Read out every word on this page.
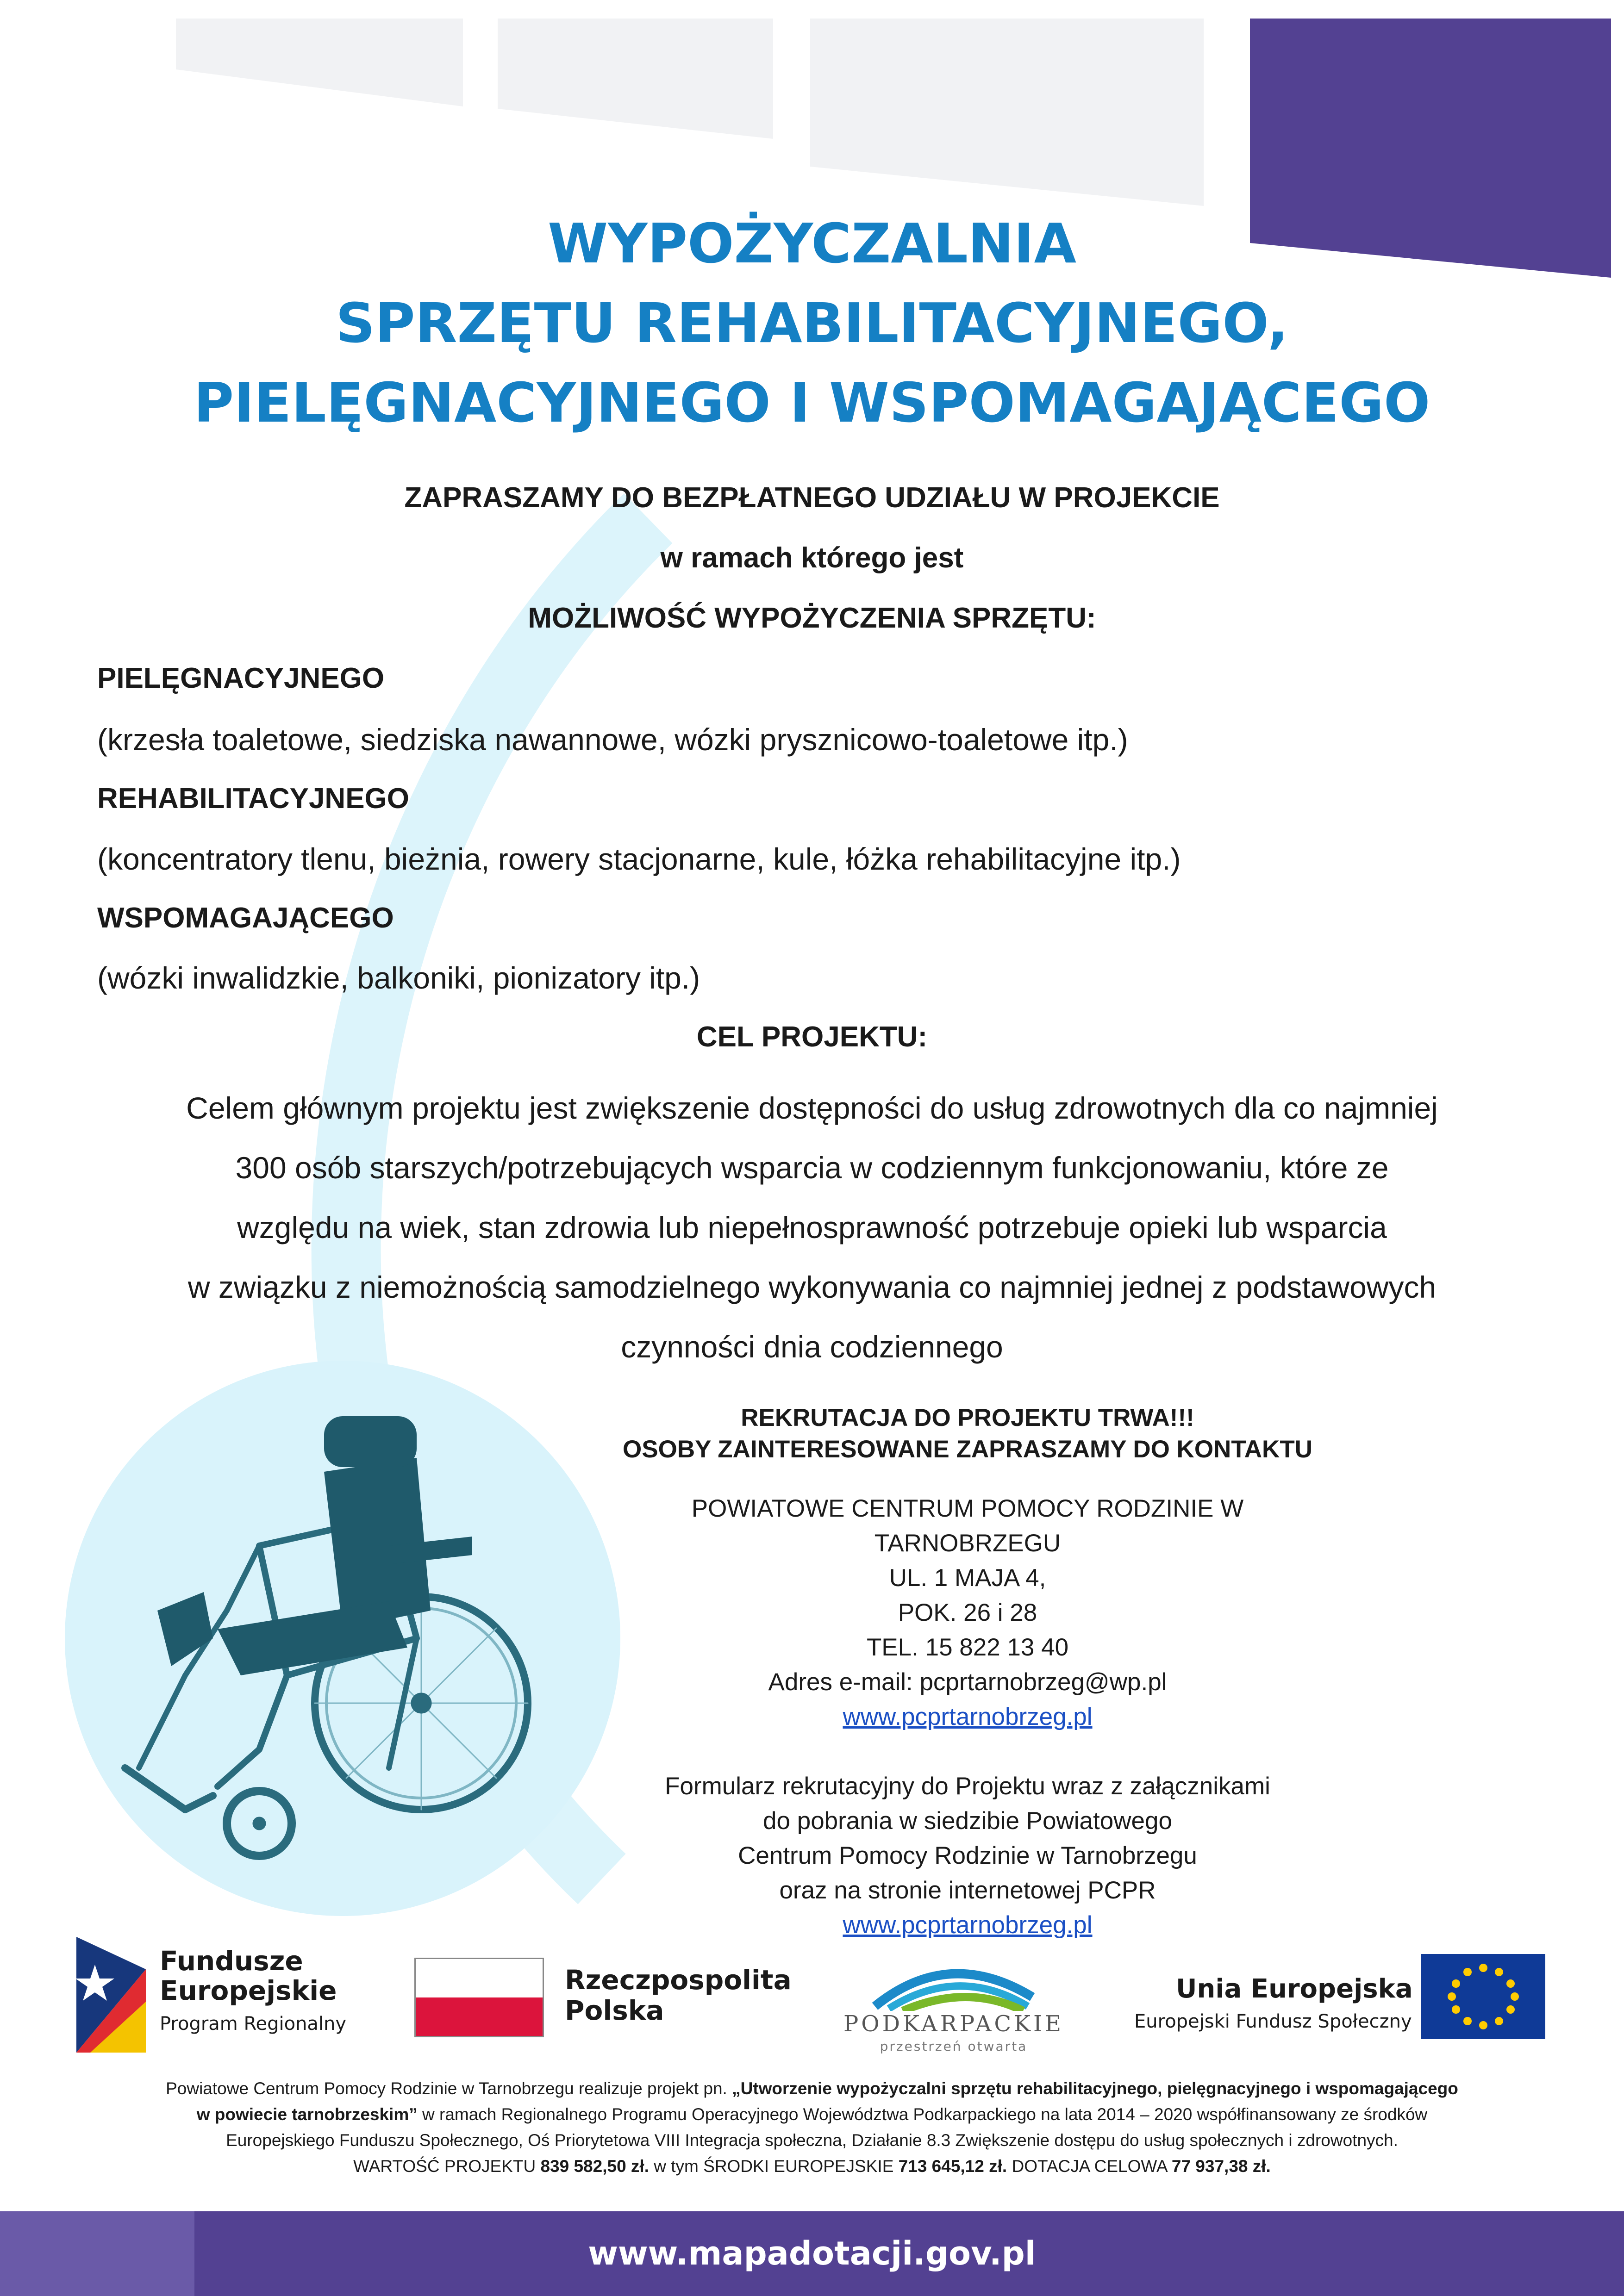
WYPOŻYCZALNIA
SPRZĘTU REHABILITACYJNEGO,
PIELĘGNACYJNEGO I WSPOMAGAJĄCEGO
ZAPRASZAMY DO BEZPŁATNEGO UDZIAŁU W PROJEKCIE
w ramach którego jest
MOŻLIWOŚĆ WYPOŻYCZENIA SPRZĘTU:
PIELĘGNACYJNEGO
(krzesła toaletowe, siedziska nawannowe, wózki prysznicowo-toaletowe itp.)
REHABILITACYJNEGO
(koncentratory tlenu, bieżnia, rowery stacjonarne, kule, łóżka rehabilitacyjne itp.)
WSPOMAGAJĄCEGO
(wózki inwalidzkie, balkoniki, pionizatory itp.)
CEL PROJEKTU:
Celem głównym projektu jest zwiększenie dostępności do usług zdrowotnych dla co najmniej
300 osób starszych/potrzebujących wsparcia w codziennym funkcjonowaniu, które ze
względu na wiek, stan zdrowia lub niepełnosprawność potrzebuje opieki lub wsparcia
w związku z niemożnością samodzielnego wykonywania co najmniej jednej z podstawowych
czynności dnia codziennego
REKRUTACJA DO PROJEKTU TRWA!!!
OSOBY ZAINTERESOWANE ZAPRASZAMY DO KONTAKTU
POWIATOWE CENTRUM POMOCY RODZINIE W TARNOBRZEGU
UL. 1 MAJA 4,
POK. 26 i 28
TEL. 15 822 13 40
Adres e-mail: pcprtarnobrzeg@wp.pl
www.pcprtarnobrzeg.pl
Formularz rekrutacyjny do Projektu wraz z załącznikami
do pobrania w siedzibie Powiatowego
Centrum Pomocy Rodzinie w Tarnobrzegu
oraz na stronie internetowej PCPR
www.pcprtarnobrzeg.pl
Fundusze
Europejskie
Program Regionalny
Rzeczpospolita
Polska	PODKARPACKIE
przestrzeń otwarta
Unia Europejska
Europejski Fundusz Społeczny
Powiatowe Centrum Pomocy Rodzinie w Tarnobrzegu realizuje projekt pn. „Utworzenie wypożyczalni sprzętu rehabilitacyjnego, pielęgnacyjnego i wspomagającego
w powiecie tarnobrzeskim” w ramach Regionalnego Programu Operacyjnego Województwa Podkarpackiego na lata 2014 – 2020 współfinansowany ze środków
Europejskiego Funduszu Społecznego, Oś Priorytetowa VIII Integracja społeczna, Działanie 8.3 Zwiększenie dostępu do usług społecznych i zdrowotnych.
WARTOŚĆ PROJEKTU 839 582,50 zł. w tym ŚRODKI EUROPEJSKIE 713 645,12 zł. DOTACJA CELOWA 77 937,38 zł.
www.mapadotacji.gov.pl
